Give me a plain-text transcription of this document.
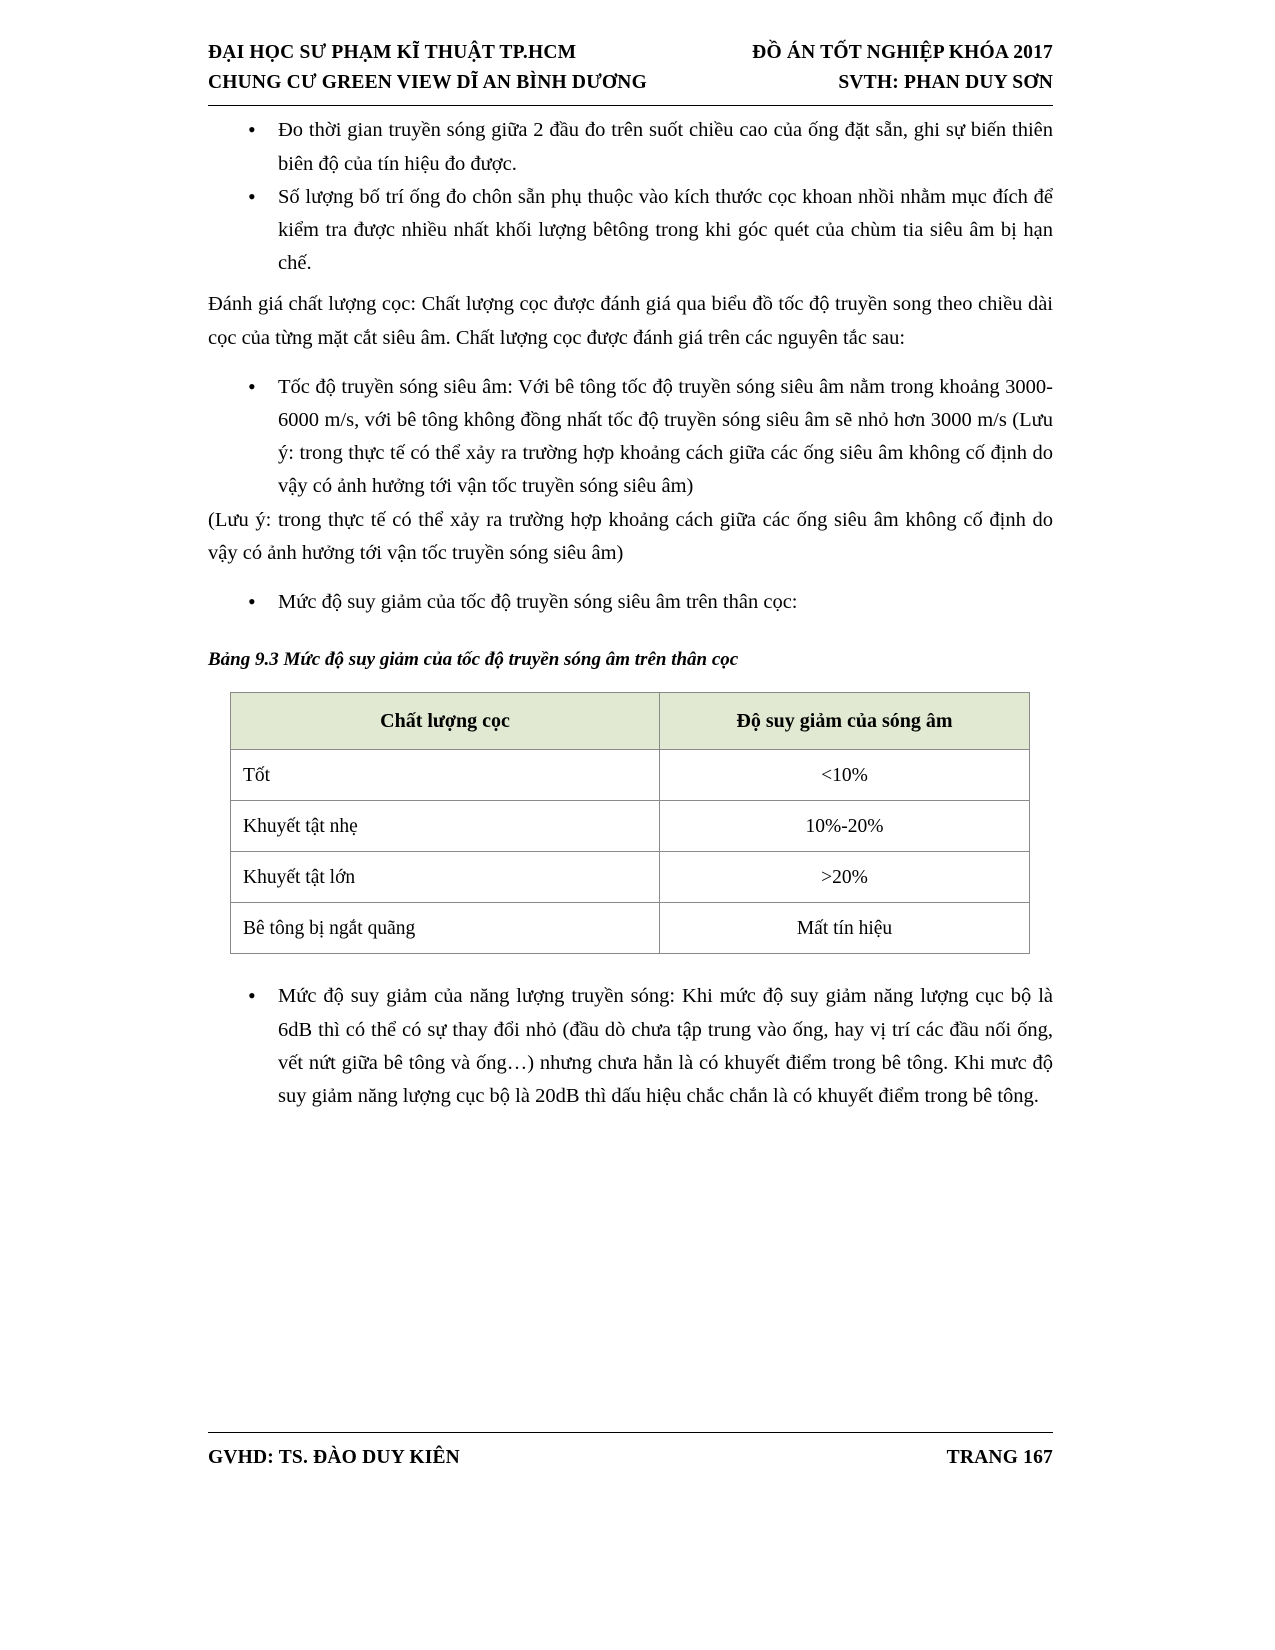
ĐẠI HỌC SƯ PHẠM KĨ THUẬT TP.HCM	ĐỒ ÁN TỐT NGHIỆP KHÓA 2017
CHUNG CƯ GREEN VIEW DĨ AN BÌNH DƯƠNG	SVTH: PHAN DUY SƠN
• Đo thời gian truyền sóng giữa 2 đầu đo trên suốt chiều cao của ống đặt sẵn, ghi sự biến thiên biên độ của tín hiệu đo được.
• Số lượng bố trí ống đo chôn sẵn phụ thuộc vào kích thước cọc khoan nhồi nhằm mục đích để kiểm tra được nhiều nhất khối lượng bêtông trong khi góc quét của chùm tia siêu âm bị hạn chế.

Đánh giá chất lượng cọc: Chất lượng cọc được đánh giá qua biểu đồ tốc độ truyền song theo chiều dài cọc của từng mặt cắt siêu âm. Chất lượng cọc được đánh giá trên các nguyên tắc sau:

• Tốc độ truyền sóng siêu âm: Với bê tông tốc độ truyền sóng siêu âm nằm trong khoảng 3000-6000 m/s, với bê tông không đồng nhất tốc độ truyền sóng siêu âm sẽ nhỏ hơn 3000 m/s (Lưu ý: trong thực tế có thể xảy ra trường hợp khoảng cách giữa các ống siêu âm không cố định do vậy có ảnh hưởng tới vận tốc truyền sóng siêu âm)

(Lưu ý: trong thực tế có thể xảy ra trường hợp khoảng cách giữa các ống siêu âm không cố định do vậy có ảnh hưởng tới vận tốc truyền sóng siêu âm)

• Mức độ suy giảm của tốc độ truyền sóng siêu âm trên thân cọc:

Bảng 9.3 Mức độ suy giảm của tốc độ truyền sóng âm trên thân cọc

Chất lượng cọc	Độ suy giảm của sóng âm
Tốt	<10%
Khuyết tật nhẹ	10%-20%
Khuyết tật lớn	>20%
Bê tông bị ngắt quãng	Mất tín hiệu
• Mức độ suy giảm của năng lượng truyền sóng: Khi mức độ suy giảm năng lượng cục bộ là 6dB thì có thể có sự thay đổi nhỏ (đầu dò chưa tập trung vào ống, hay vị trí các đầu nối ống, vết nứt giữa bê tông và ống…) nhưng chưa hẳn là có khuyết điểm trong bê tông. Khi mưc độ suy giảm năng lượng cục bộ là 20dB thì dấu hiệu chắc chắn là có khuyết điểm trong bê tông.
GVHD: TS. ĐÀO DUY KIÊN	TRANG 167
